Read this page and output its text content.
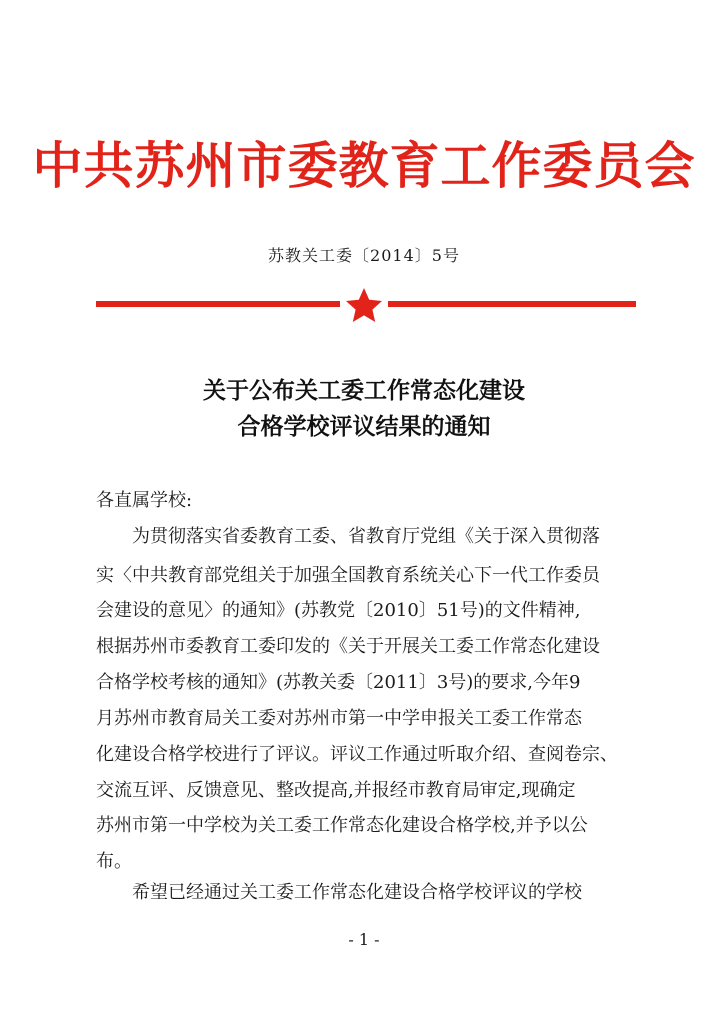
中共苏州市委教育工作委员会
苏教关工委〔2014〕5号
关于公布关工委工作常态化建设
合格学校评议结果的通知
各直属学校:
　　为贯彻落实省委教育工委、省教育厅党组《关于深入贯彻落
实〈中共教育部党组关于加强全国教育系统关心下一代工作委员
会建设的意见〉的通知》(苏教党〔2010〕51号)的文件精神,
根据苏州市委教育工委印发的《关于开展关工委工作常态化建设
合格学校考核的通知》(苏教关委〔2011〕3号)的要求,今年9
月苏州市教育局关工委对苏州市第一中学申报关工委工作常态
化建设合格学校进行了评议。评议工作通过听取介绍、查阅卷宗、
交流互评、反馈意见、整改提高,并报经市教育局审定,现确定
苏州市第一中学校为关工委工作常态化建设合格学校,并予以公
布。
　　希望已经通过关工委工作常态化建设合格学校评议的学校
- 1 -
